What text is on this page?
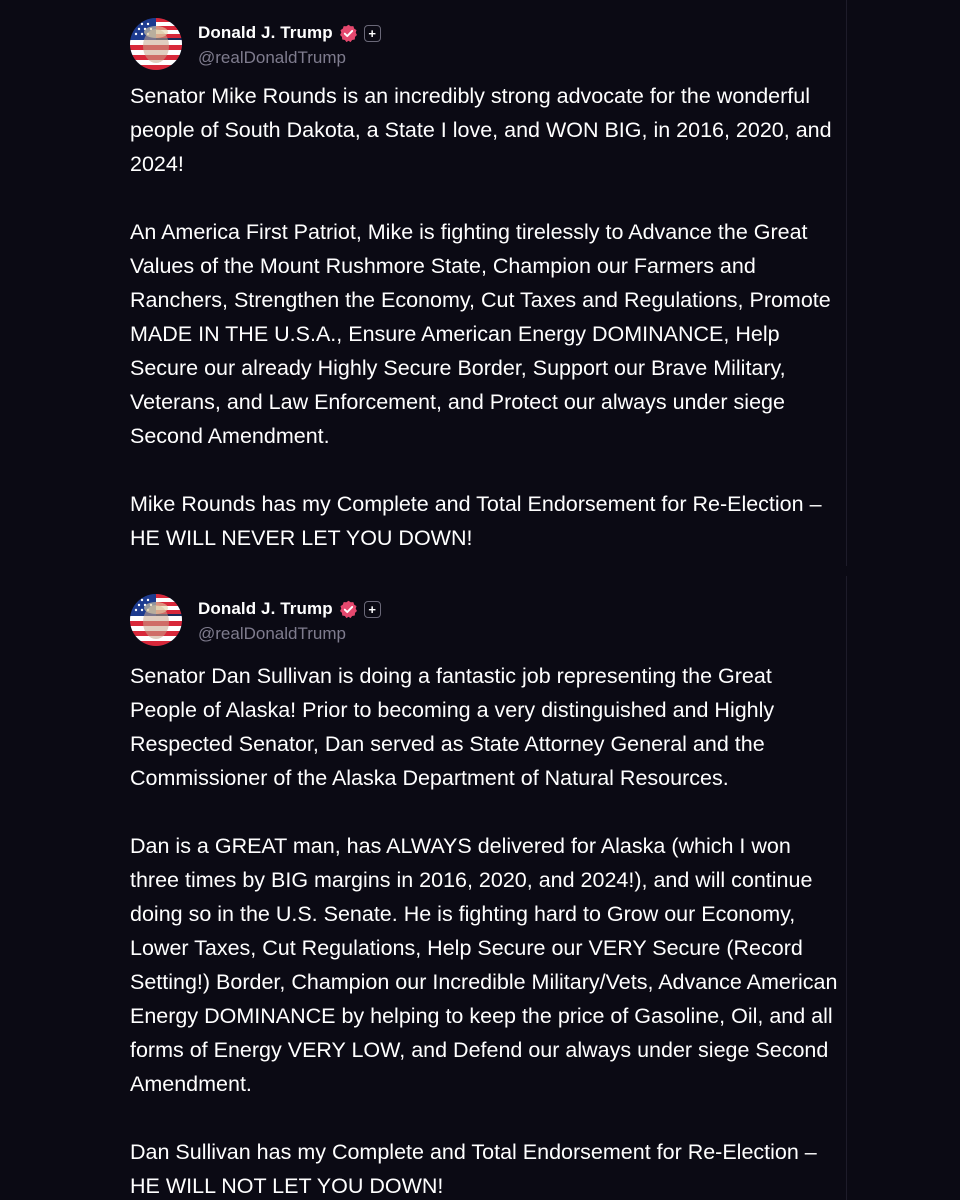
Donald J. Trump	+
@realDonaldTrump

Senator Mike Rounds is an incredibly strong advocate for the wonderful people of South Dakota, a State I love, and WON BIG, in 2016, 2020, and 2024!

An America First Patriot, Mike is fighting tirelessly to Advance the Great Values of the Mount Rushmore State, Champion our Farmers and Ranchers, Strengthen the Economy, Cut Taxes and Regulations, Promote MADE IN THE U.S.A., Ensure American Energy DOMINANCE, Help Secure our already Highly Secure Border, Support our Brave Military, Veterans, and Law Enforcement, and Protect our always under siege Second Amendment.

Mike Rounds has my Complete and Total Endorsement for Re-Election – HE WILL NEVER LET YOU DOWN!

Donald J. Trump	+
@realDonaldTrump

Senator Dan Sullivan is doing a fantastic job representing the Great People of Alaska! Prior to becoming a very distinguished and Highly Respected Senator, Dan served as State Attorney General and the Commissioner of the Alaska Department of Natural Resources.

Dan is a GREAT man, has ALWAYS delivered for Alaska (which I won three times by BIG margins in 2016, 2020, and 2024!), and will continue doing so in the U.S. Senate. He is fighting hard to Grow our Economy, Lower Taxes, Cut Regulations, Help Secure our VERY Secure (Record Setting!) Border, Champion our Incredible Military/Vets, Advance American Energy DOMINANCE by helping to keep the price of Gasoline, Oil, and all forms of Energy VERY LOW, and Defend our always under siege Second Amendment.

Dan Sullivan has my Complete and Total Endorsement for Re-Election – HE WILL NOT LET YOU DOWN!
